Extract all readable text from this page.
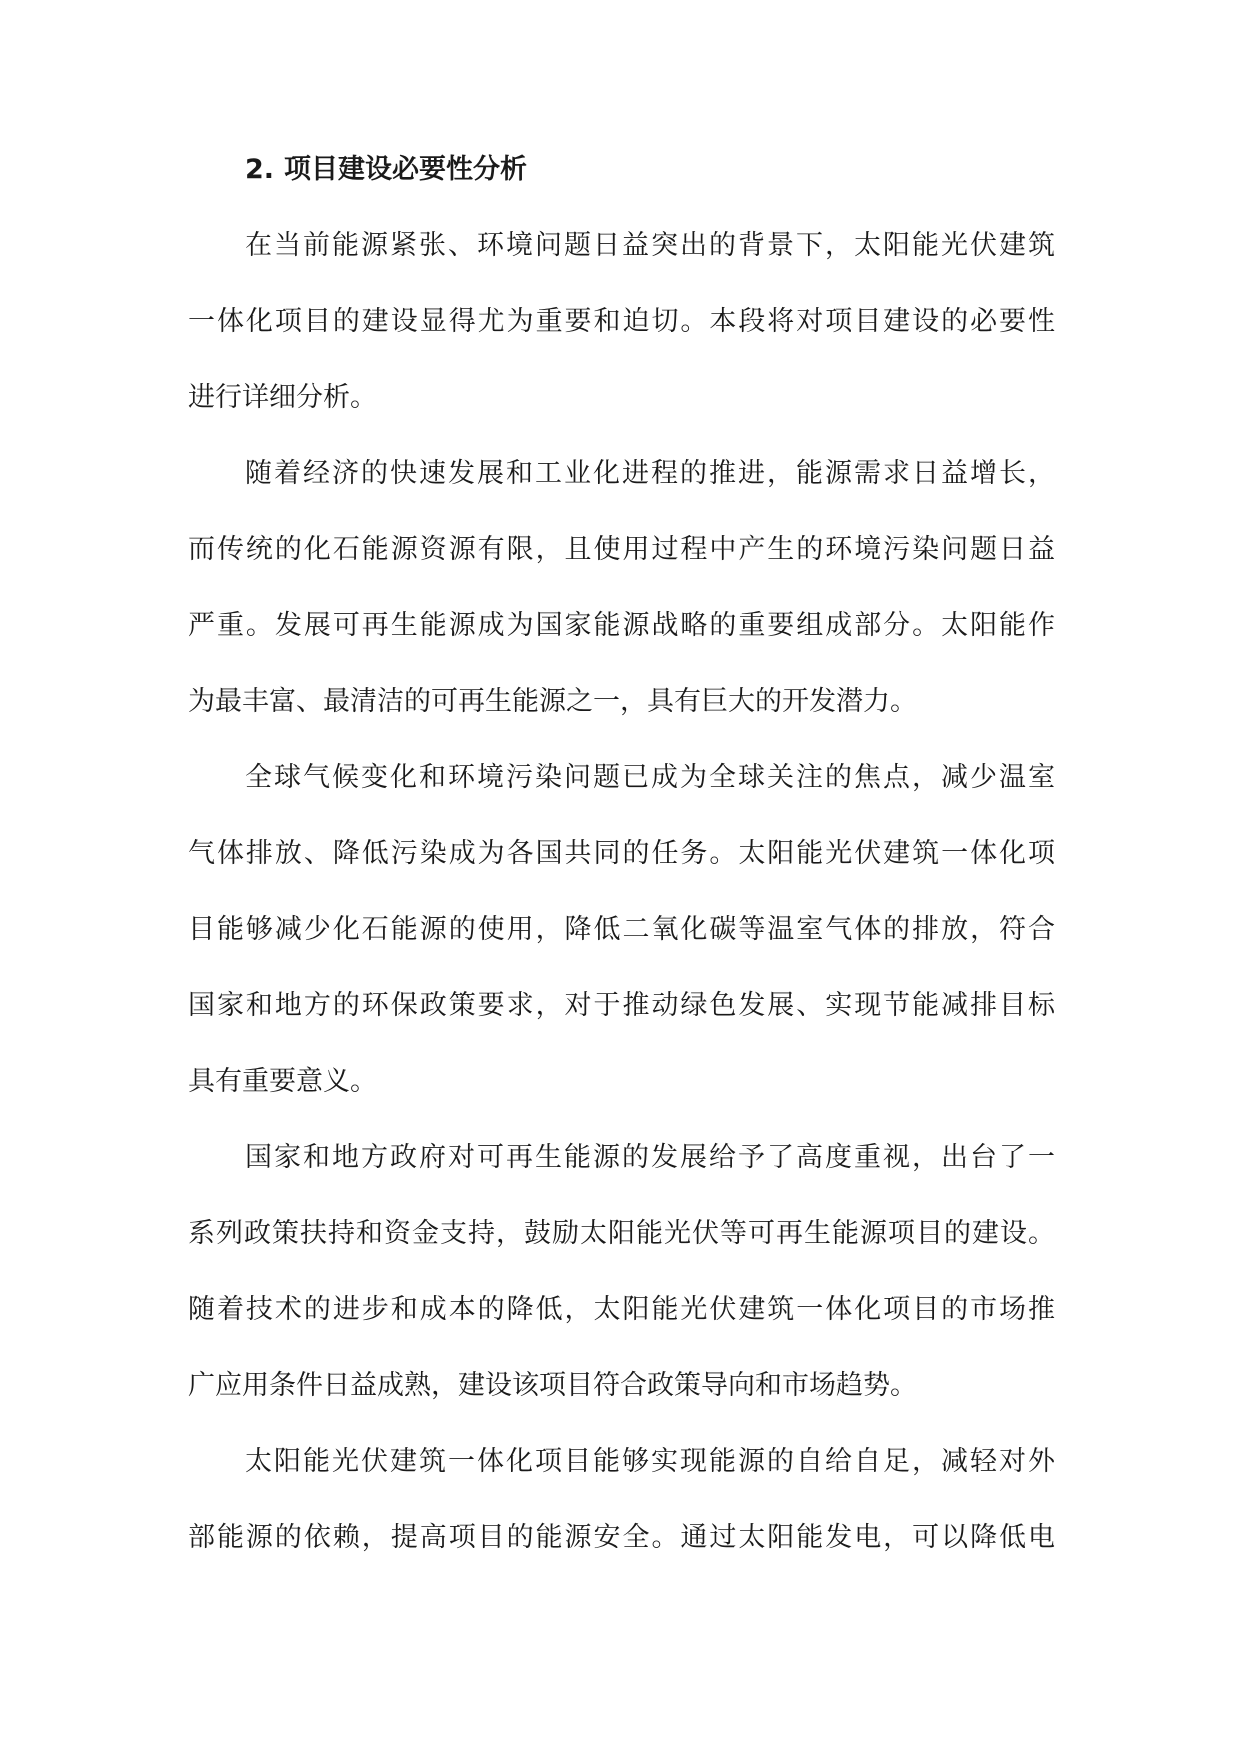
2. 项目建设必要性分析
在当前能源紧张、环境问题日益突出的背景下，太阳能光伏建筑
一体化项目的建设显得尤为重要和迫切。本段将对项目建设的必要性
进行详细分析。
随着经济的快速发展和工业化进程的推进，能源需求日益增长，
而传统的化石能源资源有限，且使用过程中产生的环境污染问题日益
严重。发展可再生能源成为国家能源战略的重要组成部分。太阳能作
为最丰富、最清洁的可再生能源之一，具有巨大的开发潜力。
全球气候变化和环境污染问题已成为全球关注的焦点，减少温室
气体排放、降低污染成为各国共同的任务。太阳能光伏建筑一体化项
目能够减少化石能源的使用，降低二氧化碳等温室气体的排放，符合
国家和地方的环保政策要求，对于推动绿色发展、实现节能减排目标
具有重要意义。
国家和地方政府对可再生能源的发展给予了高度重视，出台了一
系列政策扶持和资金支持，鼓励太阳能光伏等可再生能源项目的建设。
随着技术的进步和成本的降低，太阳能光伏建筑一体化项目的市场推
广应用条件日益成熟，建设该项目符合政策导向和市场趋势。
太阳能光伏建筑一体化项目能够实现能源的自给自足，减轻对外
部能源的依赖，提高项目的能源安全。通过太阳能发电，可以降低电
